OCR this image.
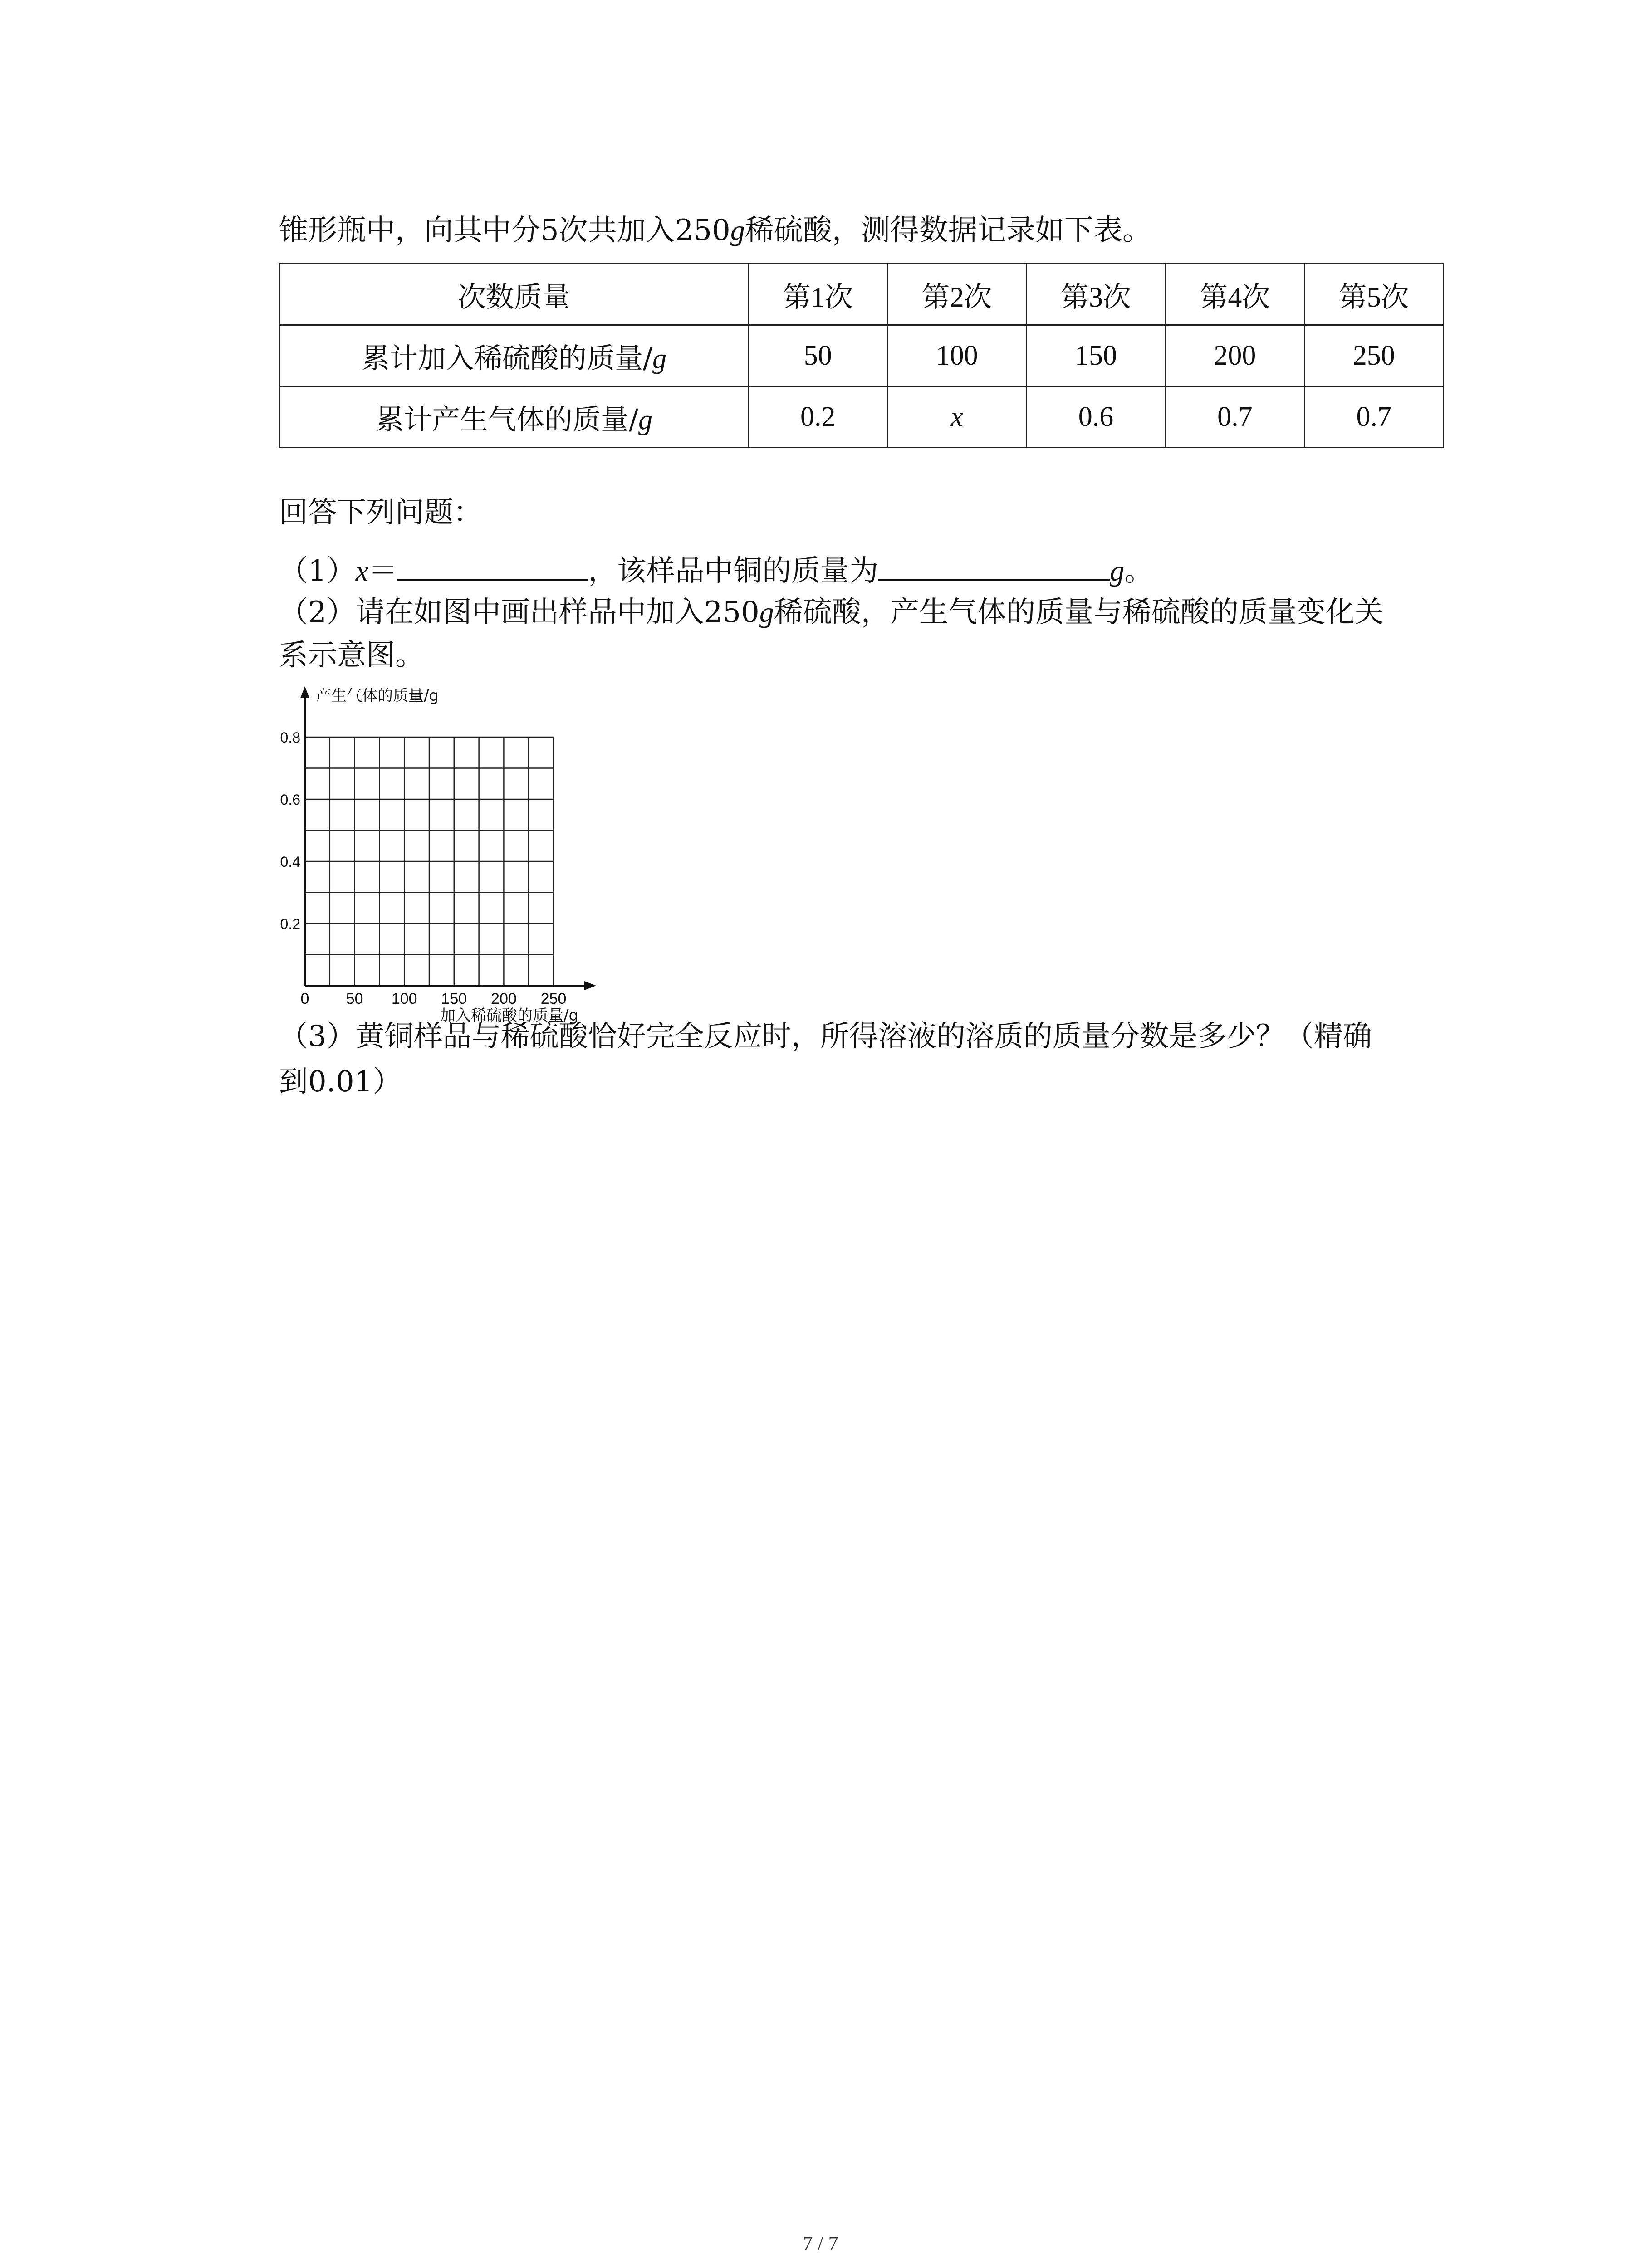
锥形瓶中，向其中分5次共加入250g稀硫酸，测得数据记录如下表。
次数质量	第1次	第2次	第3次	第4次	第5次
累计加入稀硫酸的质量/g	50	100	150	200	250
累计产生气体的质量/g	0.2	x	0.6	0.7	0.7
回答下列问题：
（1）x＝	，该样品中铜的质量为	g。
（2）请在如图中画出样品中加入250g稀硫酸，产生气体的质量与稀硫酸的质量变化关
系示意图。
0 50 100 150 200 250
0.2
0.4
0.6
0.8
产生气体的质量/g
加入稀硫酸的质量/g
（3）黄铜样品与稀硫酸恰好完全反应时，所得溶液的溶质的质量分数是多少？（精确
到0.01）
7 / 7
